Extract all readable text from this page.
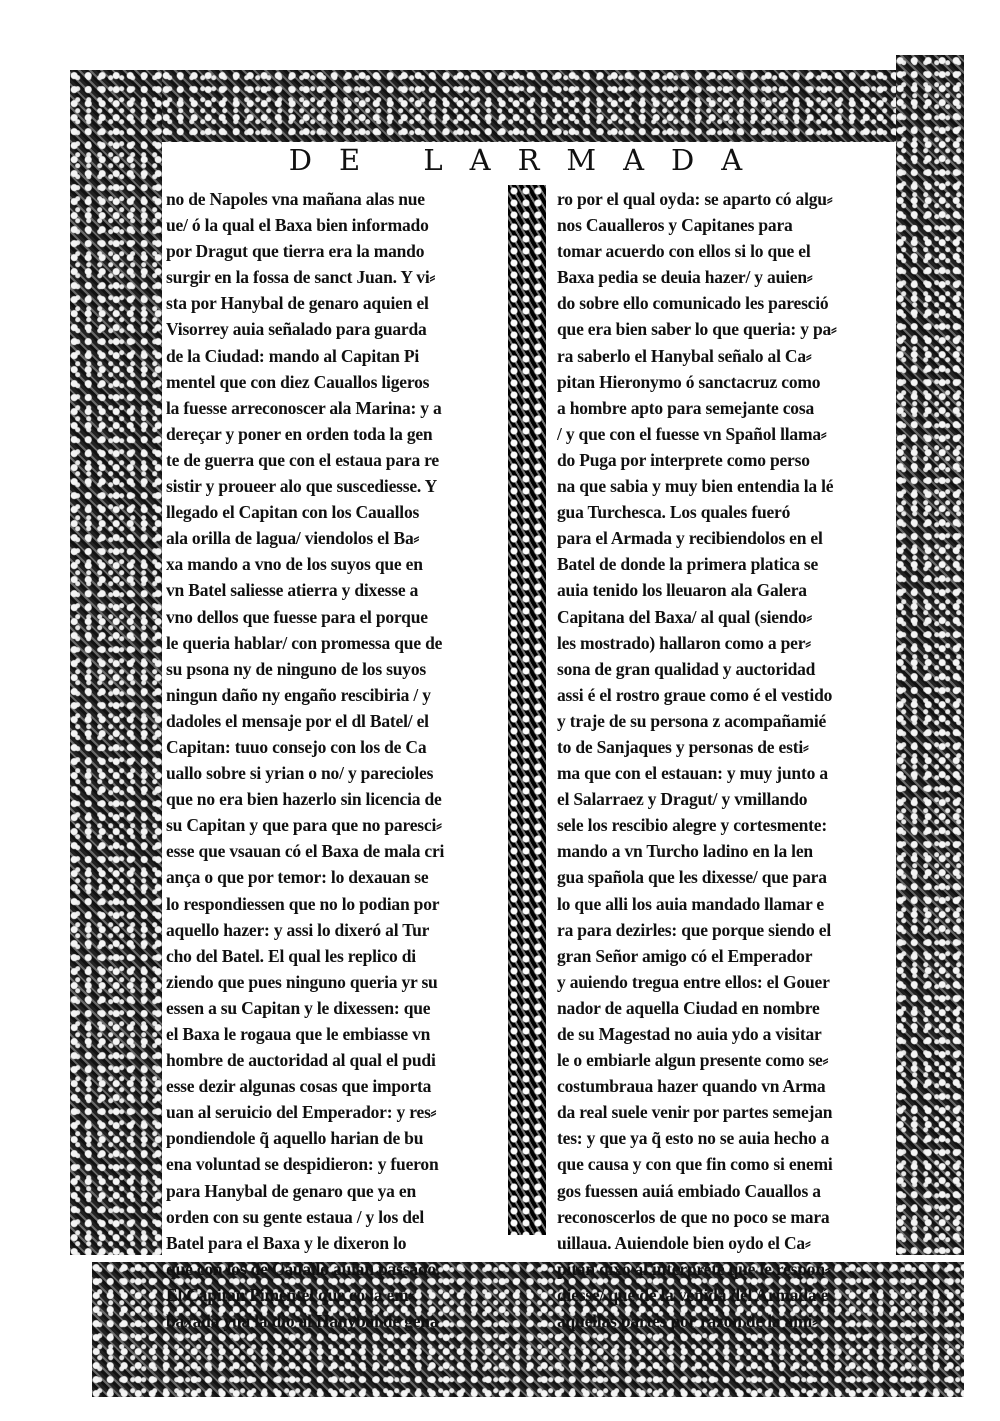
DE LARMADA
no de Napoles vna mañana alas nue
ue/ ó la qual el Baxa bien informado
por Dragut que tierra era la mando
surgir en la fossa de sanct Juan. Y vi⸗
sta por Hanybal de genaro aquien el
Visorrey auia señalado para guarda
de la Ciudad: mando al Capitan Pi
mentel que con diez Cauallos ligeros
la fuesse arreconoscer ala Marina: y a
dereçar y poner en orden toda la gen
te de guerra que con el estaua para re
sistir y proueer alo que suscediesse. Y
llegado el Capitan con los Cauallos
ala orilla de lagua/ viendolos el Ba⸗
xa mando a vno de los suyos que en
vn Batel saliesse atierra y dixesse a
vno dellos que fuesse para el porque
le queria hablar/ con promessa que de
su psona ny de ninguno de los suyos
ningun daño ny engaño rescibiria / y
dadoles el mensaje por el dl Batel/ el
Capitan: tuuo consejo con los de Ca
uallo sobre si yrian o no/ y parecioles
que no era bien hazerlo sin licencia de
su Capitan y que para que no paresci⸗
esse que vsauan có el Baxa de mala cri
ança o que por temor: lo dexauan se
lo respondiessen que no lo podian por
aquello hazer: y assi lo dixeró al Tur
cho del Batel. El qual les replico di
ziendo que pues ninguno queria yr su
essen a su Capitan y le dixessen: que
el Baxa le rogaua que le embiasse vn
hombre de auctoridad al qual el pudi
esse dezir algunas cosas que importa
uan al seruicio del Emperador: y res⸗
pondiendole q̃ aquello harian de bu
ena voluntad se despidieron: y fueron
para Hanybal de genaro que ya en
orden con su gente estaua / y los del
Batel para el Baxa y le dixeron lo
que con los de Cauallo auian passado.
El Capitan Pimentel que có la em⸗
baxada yua la dio al Hanybal de gena
ro por el qual oyda: se aparto có algu⸗
nos Caualleros y Capitanes para
tomar acuerdo con ellos si lo que el
Baxa pedia se deuia hazer/ y auien⸗
do sobre ello comunicado les paresció
que era bien saber lo que queria: y pa⸗
ra saberlo el Hanybal señalo al Ca⸗
pitan Hieronymo ó sanctacruz como
a hombre apto para semejante cosa
/ y que con el fuesse vn Spañol llama⸗
do Puga por interprete como perso
na que sabia y muy bien entendia la lé
gua Turchesca. Los quales fueró
para el Armada y recibiendolos en el
Batel de donde la primera platica se
auia tenido los lleuaron ala Galera
Capitana del Baxa/ al qual (siendo⸗
les mostrado) hallaron como a per⸗
sona de gran qualidad y auctoridad
assi é el rostro graue como é el vestido
y traje de su persona z acompañamié
to de Sanjaques y personas de esti⸗
ma que con el estauan: y muy junto a
el Salarraez y Dragut/ y vmillando
sele los rescibio alegre y cortesmente:
mando a vn Turcho ladino en la len
gua spañola que les dixesse/ que para
lo que alli los auia mandado llamar e
ra para dezirles: que porque siendo el
gran Señor amigo có el Emperador
y auiendo tregua entre ellos: el Gouer
nador de aquella Ciudad en nombre
de su Magestad no auia ydo a visitar
le o embiarle algun presente como se⸗
costumbraua hazer quando vn Arma
da real suele venir por partes semejan
tes: y que ya q̃ esto no se auia hecho a
que causa y con que fin como si enemi
gos fuessen auiá embiado Cauallos a
reconoscerlos de que no poco se mara
uillaua. Auiendole bien oydo el Ca⸗
pitan dixo al interprete que le respon⸗
diesse/ que de la venida del Armada é
aquellas partes por razon de la ami⸗
